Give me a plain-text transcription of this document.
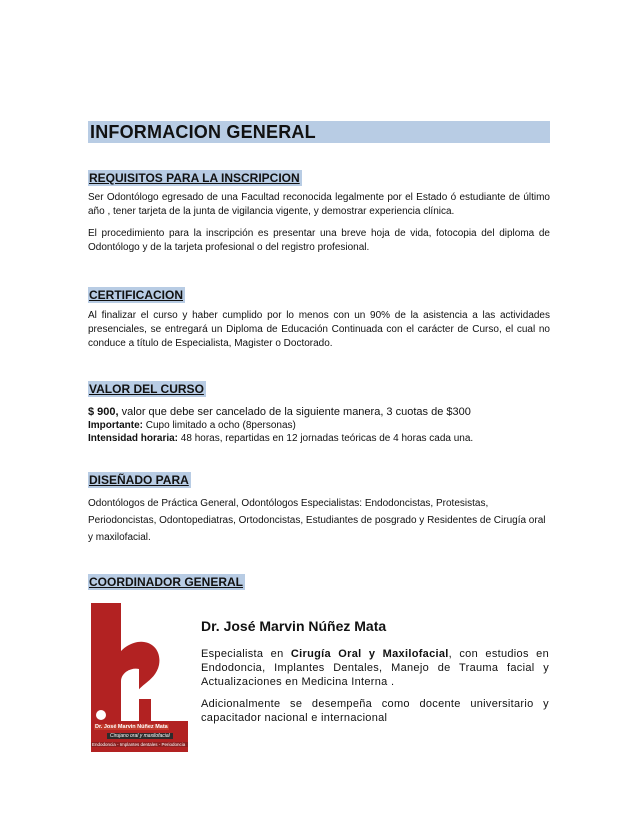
INFORMACION GENERAL
REQUISITOS PARA LA INSCRIPCION

Ser Odontólogo egresado de una Facultad reconocida legalmente por el Estado ó estudiante de último año , tener tarjeta de la junta de vigilancia vigente, y demostrar experiencia clínica.

El procedimiento para la inscripción es presentar una breve hoja de vida, fotocopia del diploma de Odontólogo y de la tarjeta profesional o del registro profesional.

CERTIFICACION

Al finalizar el curso y haber cumplido por lo menos con un 90% de la asistencia a las actividades presenciales, se entregará un Diploma de Educación Continuada con el carácter de Curso, el cual no conduce a título de Especialista, Magister o Doctorado.

VALOR DEL CURSO
$ 900, valor que debe ser cancelado de la siguiente manera, 3 cuotas de $300
Importante: Cupo limitado a ocho (8personas)
Intensidad horaria: 48 horas, repartidas en 12 jornadas teóricas de 4 horas cada una.
DISEÑADO PARA

Odontólogos de Práctica General, Odontólogos Especialistas: Endodoncistas, Protesistas, Periodoncistas, Odontopediatras, Ortodoncistas, Estudiantes de posgrado y Residentes de Cirugía oral y maxilofacial.

COORDINADOR GENERAL
Dr. José Marvin Núñez Mata
Cirujano oral y maxilofacial
Endodoncia - Implantes dentales - Periodoncia
Dr. José Marvin Núñez Mata

Especialista en Cirugía Oral y Maxilofacial, con estudios en Endodoncia, Implantes Dentales, Manejo de Trauma facial y Actualizaciones en Medicina Interna .

Adicionalmente se desempeña como docente universitario y capacitador nacional e internacional
